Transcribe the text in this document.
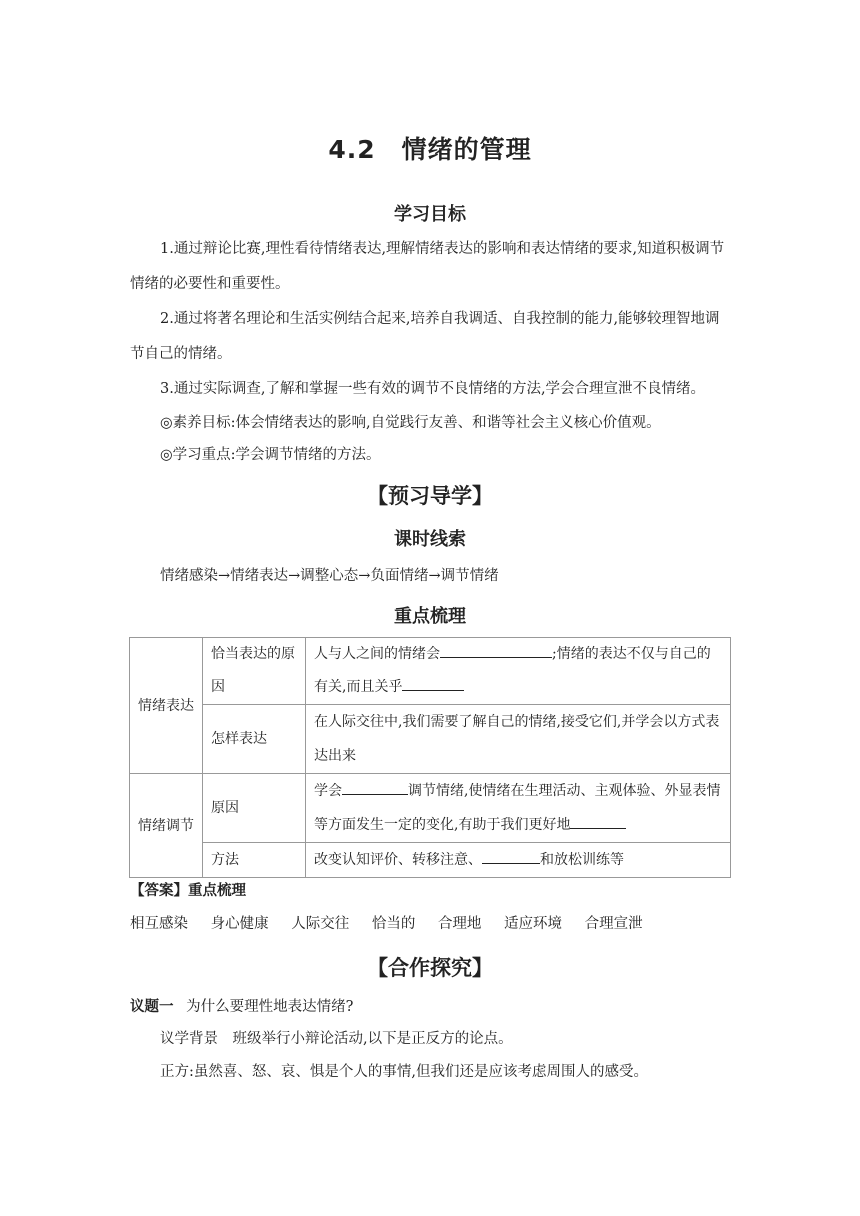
4.2　情绪的管理
学习目标
1.通过辩论比赛,理性看待情绪表达,理解情绪表达的影响和表达情绪的要求,知道积极调节情绪的必要性和重要性。
2.通过将著名理论和生活实例结合起来,培养自我调适、自我控制的能力,能够较理智地调节自己的情绪。
3.通过实际调查,了解和掌握一些有效的调节不良情绪的方法,学会合理宣泄不良情绪。
◎素养目标:体会情绪表达的影响,自觉践行友善、和谐等社会主义核心价值观。
◎学习重点:学会调节情绪的方法。
【预习导学】
课时线索
情绪感染→情绪表达→调整心态→负面情绪→调节情绪
重点梳理
情绪表达	恰当表达的原因	人与人之间的情绪会 ;情绪的表达不仅与自己的有关,而且关乎
	怎样表达	在人际交往中,我们需要了解自己的情绪,接受它们,并学会以方式表达出来
情绪调节	原因	学会 调节情绪,使情绪在生理活动、主观体验、外显表情等方面发生一定的变化,有助于我们更好地
	方法	改变认知评价、转移注意、 和放松训练等
【答案】重点梳理
相互感染 身心健康 人际交往 恰当的 合理地 适应环境 合理宣泄
【合作探究】
议题一 为什么要理性地表达情绪?
议学背景　班级举行小辩论活动,以下是正反方的论点。
正方:虽然喜、怒、哀、惧是个人的事情,但我们还是应该考虑周围人的感受。
